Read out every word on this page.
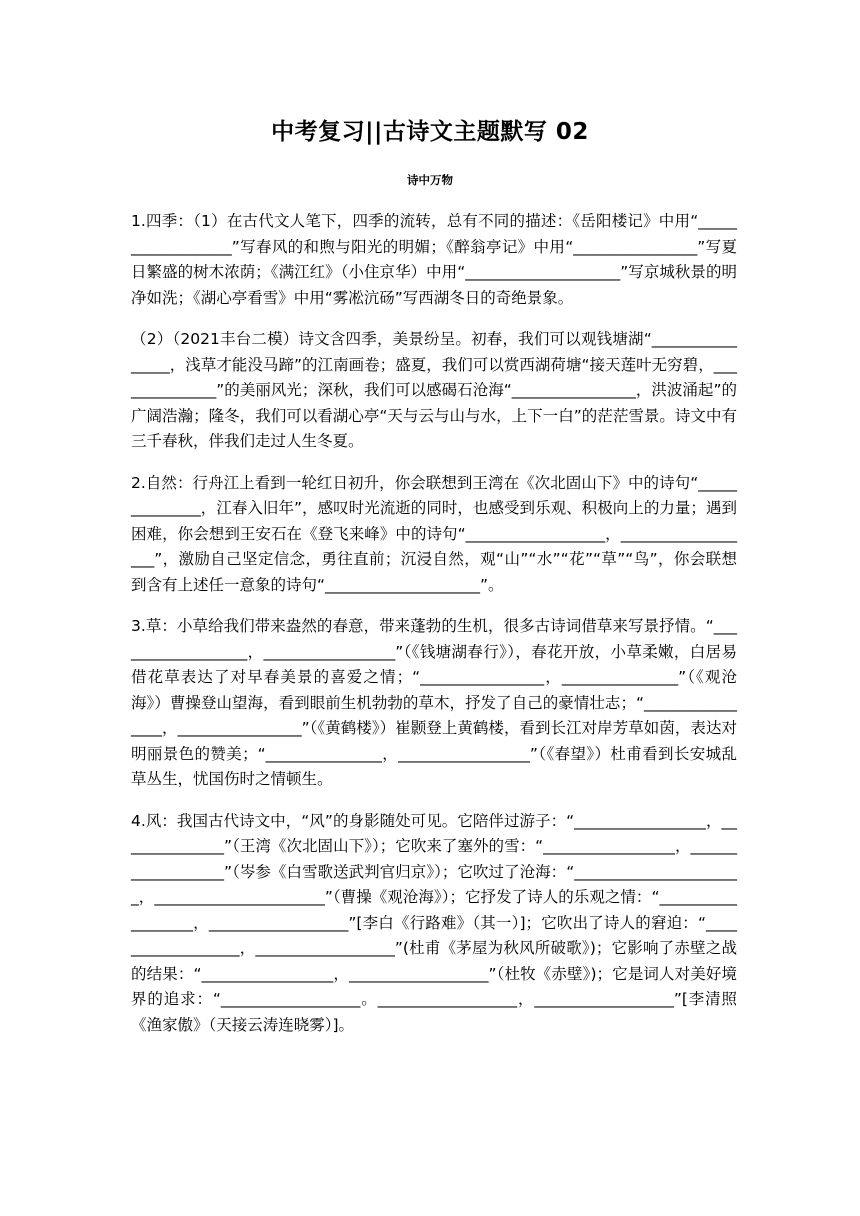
中考复习||古诗文主题默写 02
诗中万物

1.四季：（1）在古代文人笔下，四季的流转，总有不同的描述：《岳阳楼记》中用“__________________”写春风的和煦与阳光的明媚；《醉翁亭记》中用“________________”写夏日繁盛的树木浓荫；《满江红》（小住京华）中用“____________________”写京城秋景的明净如洗；《湖心亭看雪》中用“雾凇沆砀”写西湖冬日的奇绝景象。

（2）（2021丰台二模）诗文含四季，美景纷呈。初春，我们可以观钱塘湖“________________，浅草才能没马蹄”的江南画卷；盛夏，我们可以赏西湖荷塘“接天莲叶无穷碧，______________”的美丽风光；深秋，我们可以感碣石沧海“________________，洪波涌起”的广阔浩瀚；隆冬，我们可以看湖心亭“天与云与山与水，上下一白”的茫茫雪景。诗文中有三千春秋，伴我们走过人生冬夏。

2.自然：行舟江上看到一轮红日初升，你会联想到王湾在《次北固山下》中的诗句“______________，江春入旧年”，感叹时光流逝的同时，也感受到乐观、积极向上的力量；遇到困难，你会想到王安石在《登飞来峰》中的诗句“__________________，__________________”，激励自己坚定信念，勇往直前；沉浸自然，观“山”“水”“花”“草”“鸟”，你会联想到含有上述任一意象的诗句“____________________”。

3.草：小草给我们带来盎然的春意，带来蓬勃的生机，很多古诗词借草来写景抒情。“__________________，_________________”（《钱塘湖春行》），春花开放，小草柔嫩，白居易借花草表达了对早春美景的喜爱之情；“________________，_______________”（《观沧海》）曹操登山望海，看到眼前生机勃勃的草木，抒发了自己的豪情壮志；“________________，________________”（《黄鹤楼》）崔颢登上黄鹤楼，看到长江对岸芳草如茵，表达对明丽景色的赞美；“_______________，_________________”（《春望》）杜甫看到长安城乱草丛生，忧国伤时之情顿生。

4.风：我国古代诗文中，“风”的身影随处可见。它陪伴过游子：“_________________，______________”（王湾《次北固山下》）；它吹来了塞外的雪：“_________________，__________________”（岑参《白雪歌送武判官归京》）；它吹过了沧海：“______________________，______________________”（曹操《观沧海》）；它抒发了诗人的乐观之情：“__________________，__________________”[李白《行路难》（其一）]；它吹出了诗人的窘迫：“__________________，__________________”(杜甫《茅屋为秋风所破歌》)；它影响了赤壁之战的结果：“_________________，__________________”（杜牧《赤壁》)；它是词人对美好境界的追求：“__________________。__________________，__________________”[李清照《渔家傲》（天接云涛连晓雾）]。
